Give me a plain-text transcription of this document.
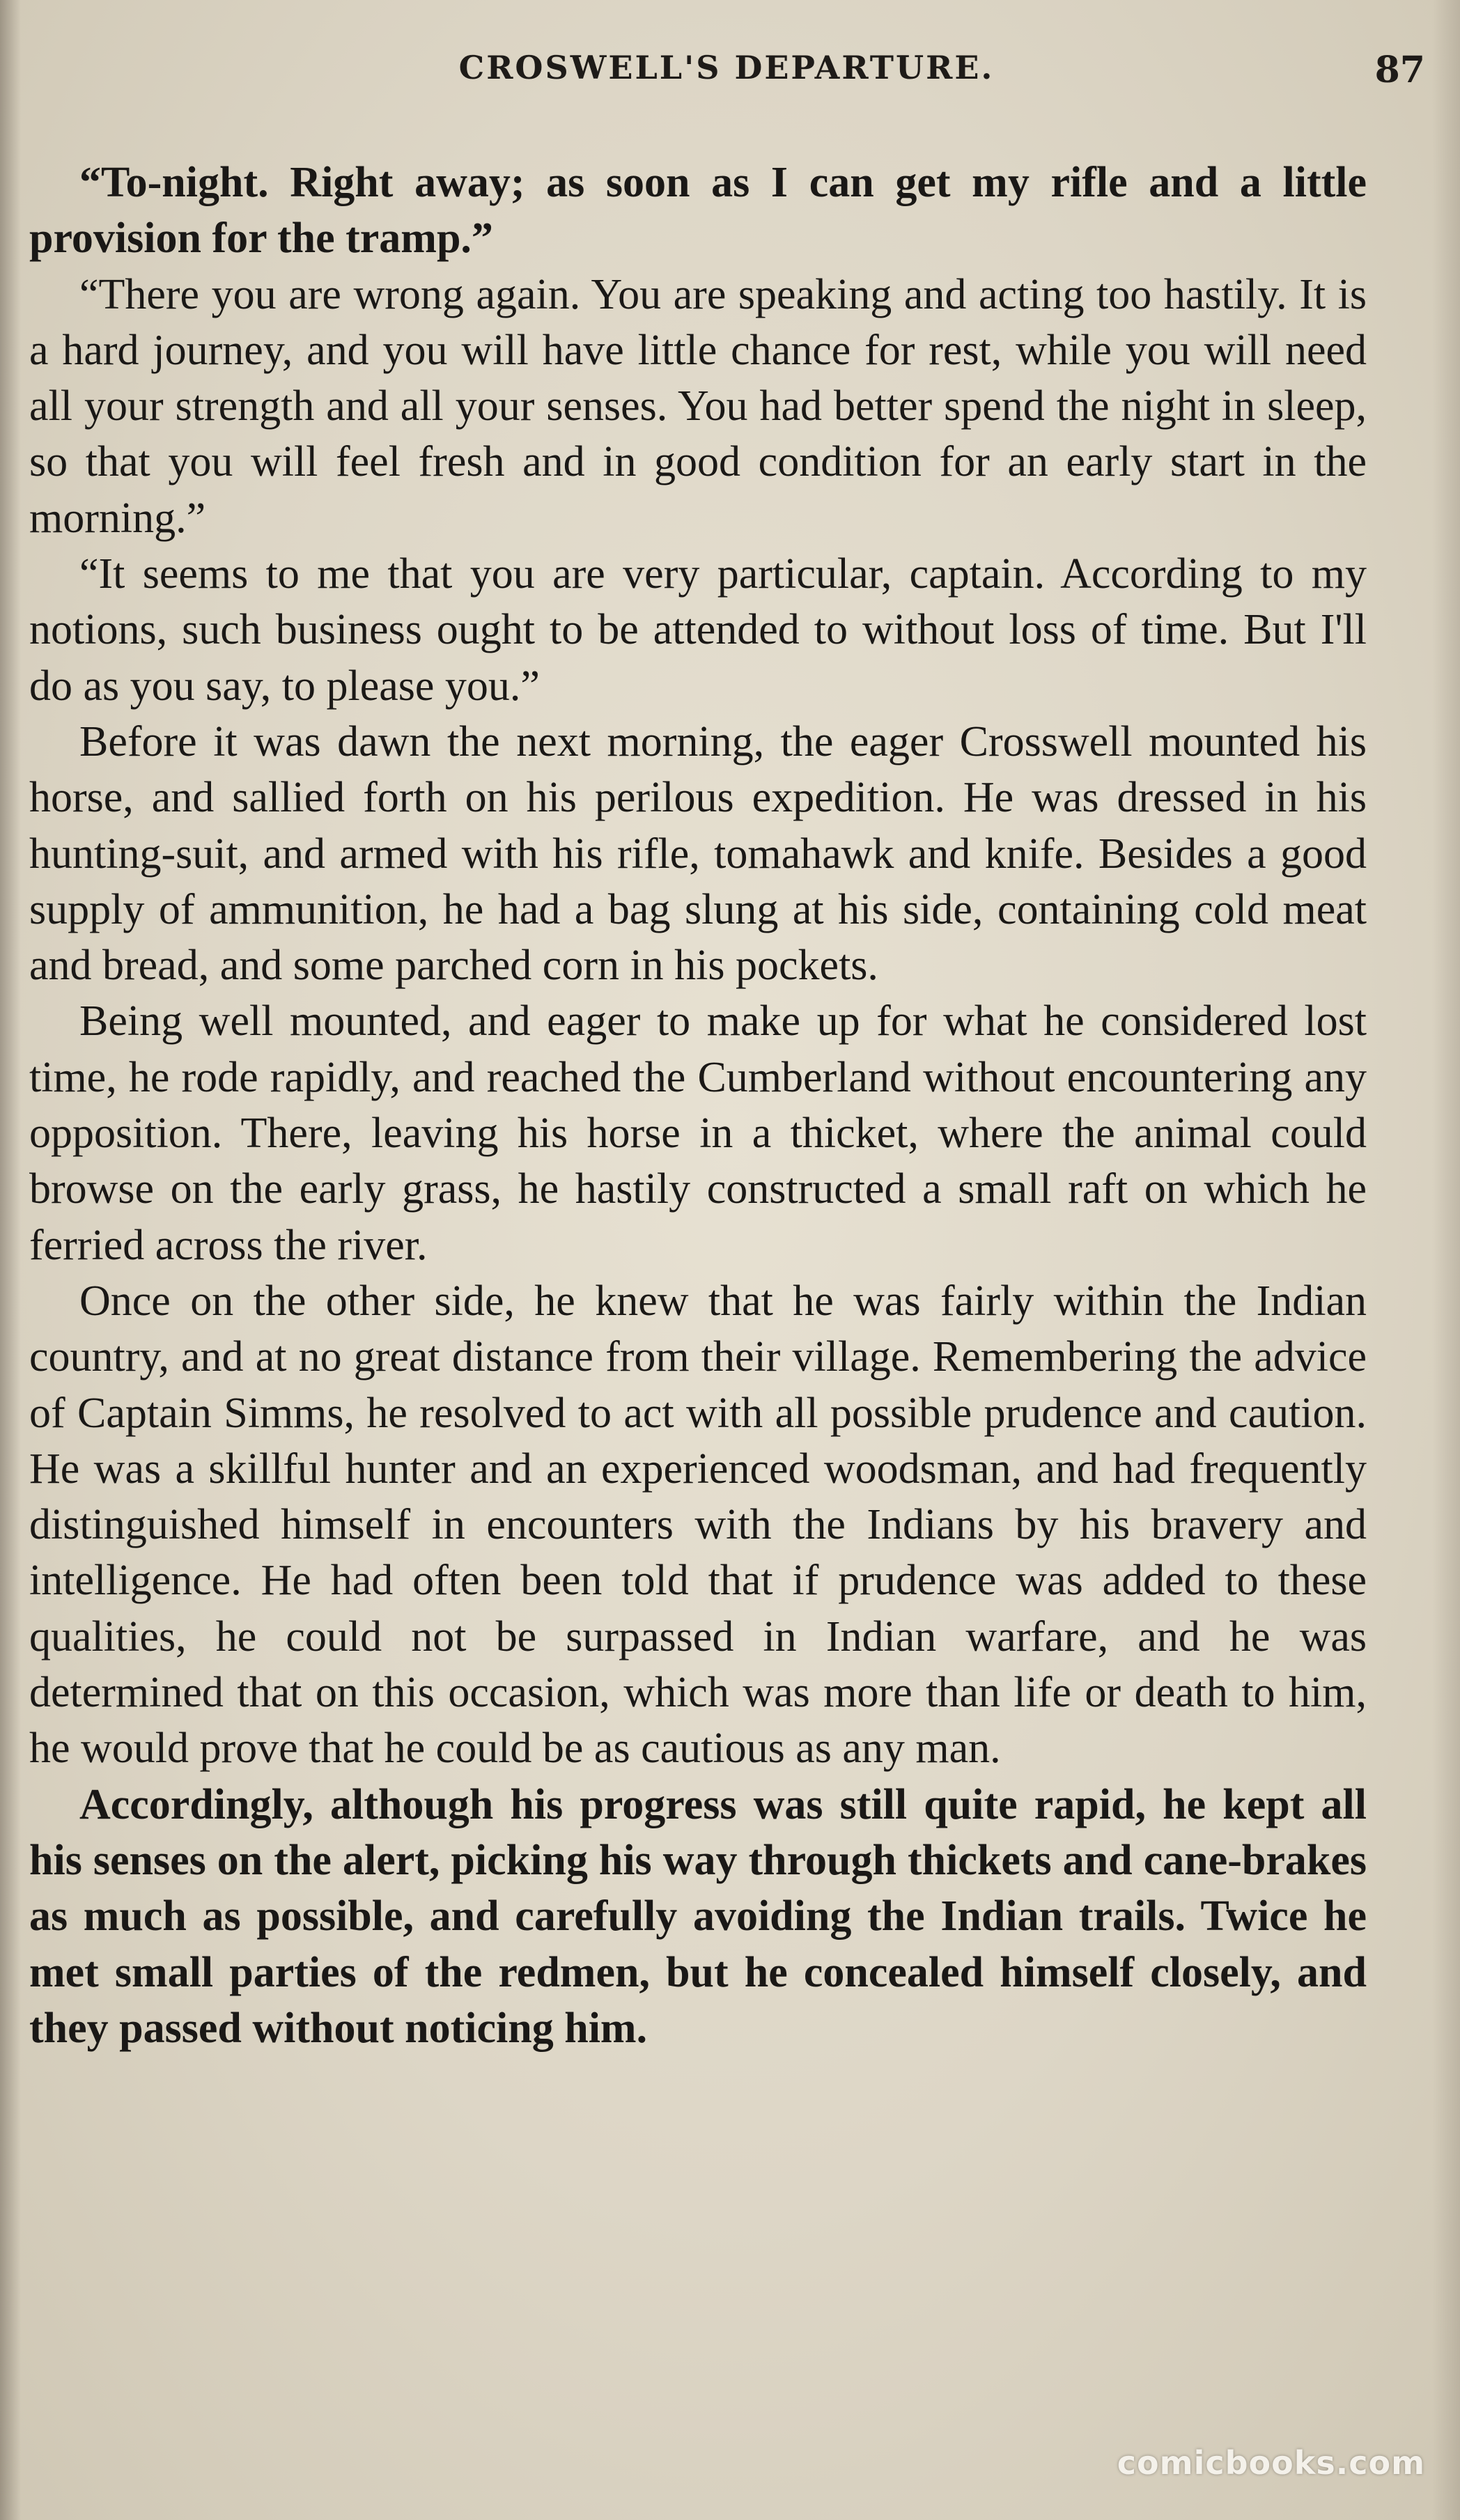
CROSWELL'S DEPARTURE.	87

“To-night. Right away; as soon as I can get my rifle and a little provision for the tramp.”

“There you are wrong again. You are speaking and acting too hastily. It is a hard journey, and you will have little chance for rest, while you will need all your strength and all your senses. You had better spend the night in sleep, so that you will feel fresh and in good condition for an early start in the morning.”

“It seems to me that you are very particular, captain. According to my notions, such business ought to be attended to without loss of time. But I'll do as you say, to please you.”

Before it was dawn the next morning, the eager Crosswell mounted his horse, and sallied forth on his perilous expedition. He was dressed in his hunting-suit, and armed with his rifle, tomahawk and knife. Besides a good supply of ammunition, he had a bag slung at his side, containing cold meat and bread, and some parched corn in his pockets.

Being well mounted, and eager to make up for what he considered lost time, he rode rapidly, and reached the Cumberland without encountering any opposition. There, leaving his horse in a thicket, where the animal could browse on the early grass, he hastily constructed a small raft on which he ferried across the river.

Once on the other side, he knew that he was fairly within the Indian country, and at no great distance from their village. Remembering the advice of Captain Simms, he resolved to act with all possible prudence and caution. He was a skillful hunter and an experienced woodsman, and had frequently distinguished himself in encounters with the Indians by his bravery and intelligence. He had often been told that if prudence was added to these qualities, he could not be surpassed in Indian warfare, and he was determined that on this occasion, which was more than life or death to him, he would prove that he could be as cautious as any man.

Accordingly, although his progress was still quite rapid, he kept all his senses on the alert, picking his way through thickets and cane-brakes as much as possible, and carefully avoiding the Indian trails. Twice he met small parties of the redmen, but he concealed himself closely, and they passed without noticing him.

comicbooks.com
